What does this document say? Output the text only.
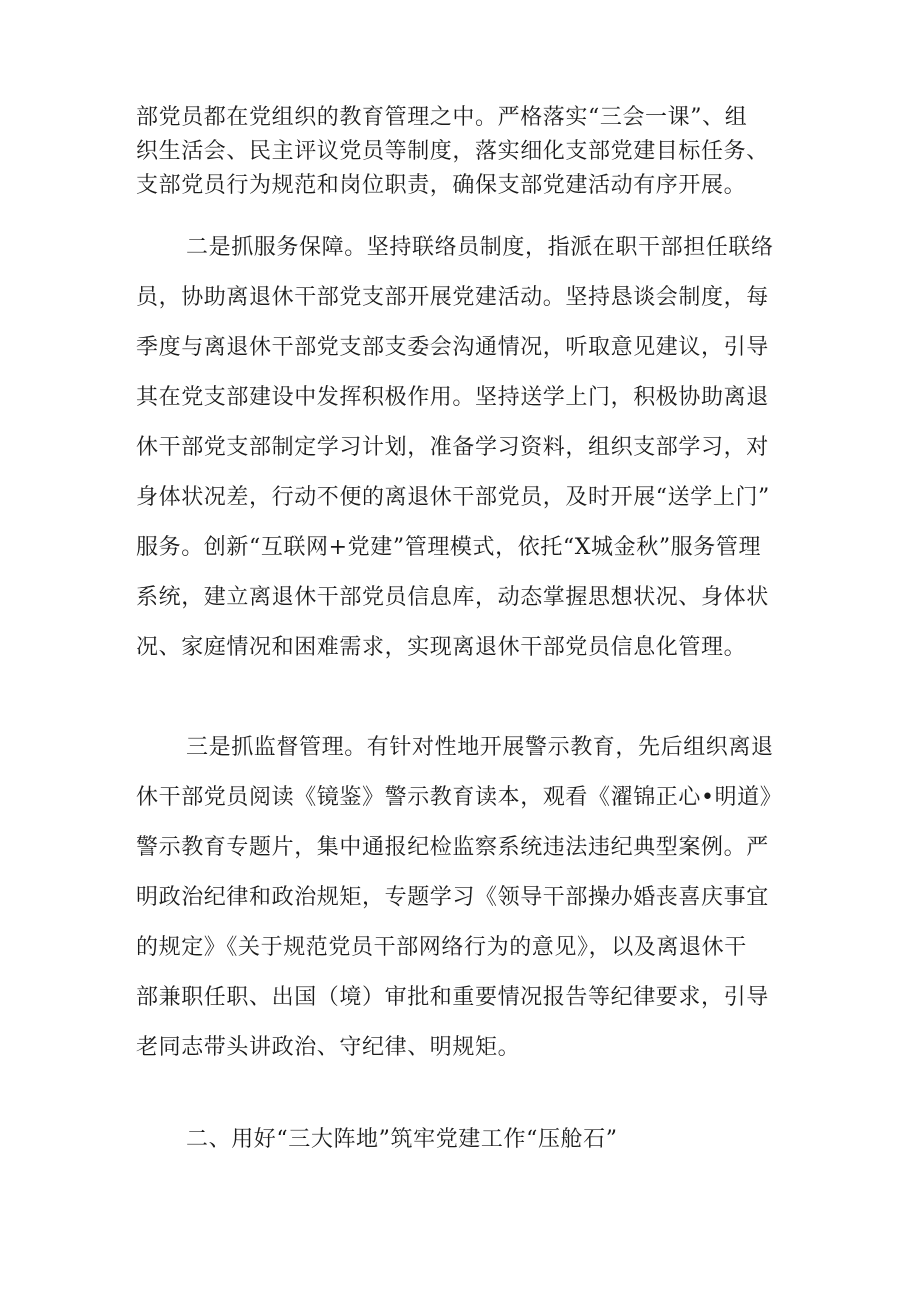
部党员都在党组织的教育管理之中。严格落实“三会一课”、组
织生活会、民主评议党员等制度，落实细化支部党建目标任务、
支部党员行为规范和岗位职责，确保支部党建活动有序开展。
二是抓服务保障。坚持联络员制度，指派在职干部担任联络
员，协助离退休干部党支部开展党建活动。坚持恳谈会制度，每
季度与离退休干部党支部支委会沟通情况，听取意见建议，引导
其在党支部建设中发挥积极作用。坚持送学上门，积极协助离退
休干部党支部制定学习计划，准备学习资料，组织支部学习，对
身体状况差，行动不便的离退休干部党员，及时开展“送学上门”
服务。创新“互联网+党建”管理模式，依托“X城金秋”服务管理
系统，建立离退休干部党员信息库，动态掌握思想状况、身体状
况、家庭情况和困难需求，实现离退休干部党员信息化管理。
三是抓监督管理。有针对性地开展警示教育，先后组织离退
休干部党员阅读《镜鉴》警示教育读本，观看《濯锦正心•明道》
警示教育专题片，集中通报纪检监察系统违法违纪典型案例。严
明政治纪律和政治规矩，专题学习《领导干部操办婚丧喜庆事宜
的规定》《关于规范党员干部网络行为的意见》，以及离退休干
部兼职任职、出国（境）审批和重要情况报告等纪律要求，引导
老同志带头讲政治、守纪律、明规矩。
二、用好“三大阵地”筑牢党建工作“压舱石”
